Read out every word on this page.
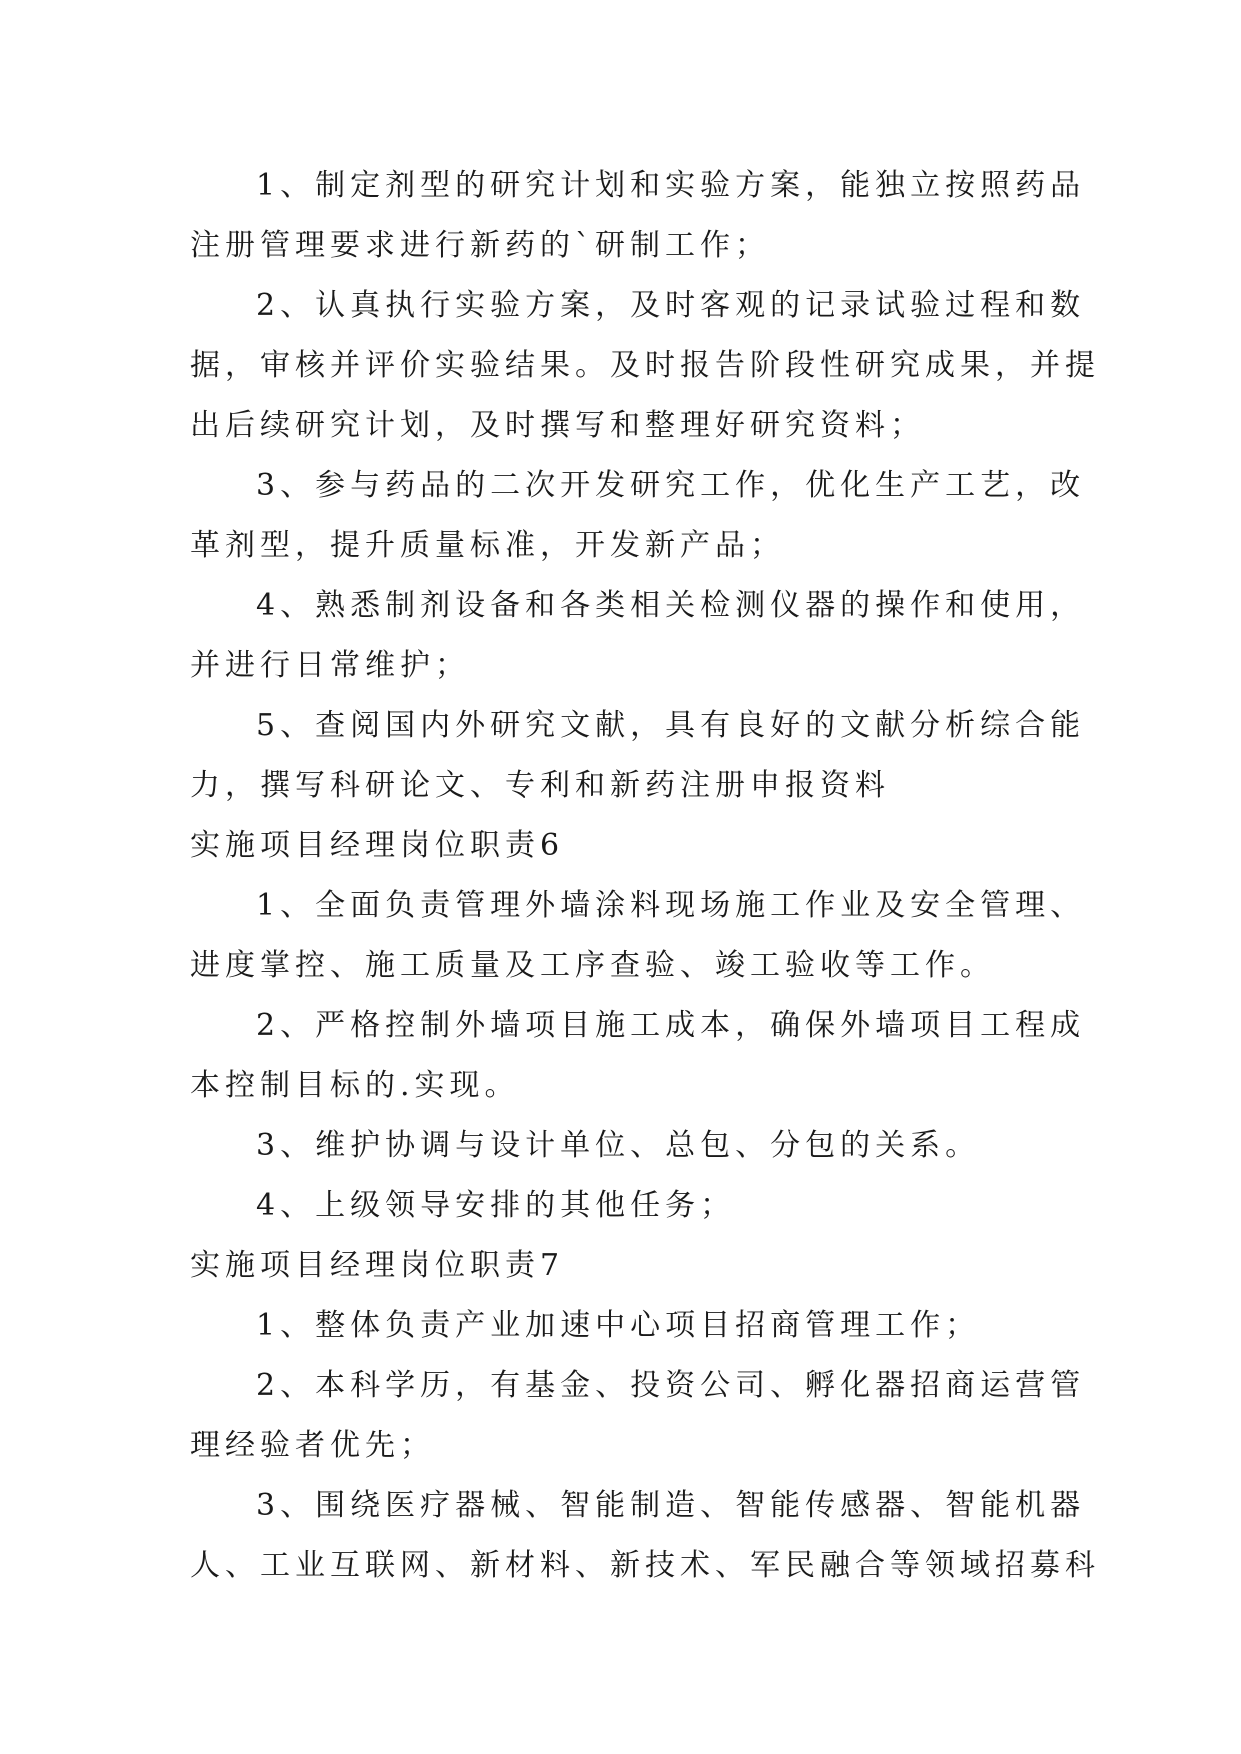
1、制定剂型的研究计划和实验方案，能独立按照药品
注册管理要求进行新药的`研制工作；
2、认真执行实验方案，及时客观的记录试验过程和数
据，审核并评价实验结果。及时报告阶段性研究成果，并提
出后续研究计划，及时撰写和整理好研究资料；
3、参与药品的二次开发研究工作，优化生产工艺，改
革剂型，提升质量标准，开发新产品；
4、熟悉制剂设备和各类相关检测仪器的操作和使用，
并进行日常维护；
5、查阅国内外研究文献，具有良好的文献分析综合能
力，撰写科研论文、专利和新药注册申报资料
实施项目经理岗位职责6
1、全面负责管理外墙涂料现场施工作业及安全管理、
进度掌控、施工质量及工序查验、竣工验收等工作。
2、严格控制外墙项目施工成本，确保外墙项目工程成
本控制目标的.实现。
3、维护协调与设计单位、总包、分包的关系。
4、上级领导安排的其他任务；
实施项目经理岗位职责7
1、整体负责产业加速中心项目招商管理工作；
2、本科学历，有基金、投资公司、孵化器招商运营管
理经验者优先；
3、围绕医疗器械、智能制造、智能传感器、智能机器
人、工业互联网、新材料、新技术、军民融合等领域招募科
